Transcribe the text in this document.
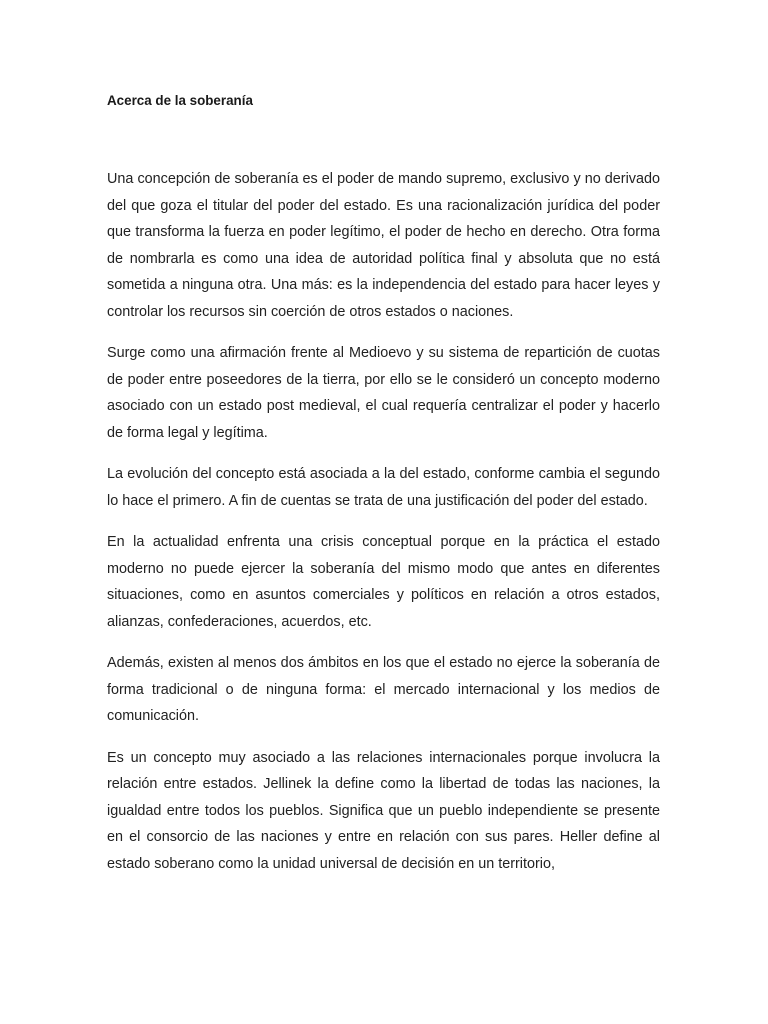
Acerca de la soberanía

Una concepción de soberanía es el poder de mando supremo, exclusivo y no derivado del que goza el titular del poder del estado. Es una racionalización jurídica del poder que transforma la fuerza en poder legítimo, el poder de hecho en derecho. Otra forma de nombrarla es como una idea de autoridad política final y absoluta que no está sometida a ninguna otra. Una más: es la independencia del estado para hacer leyes y controlar los recursos sin coerción de otros estados o naciones.

Surge como una afirmación frente al Medioevo y su sistema de repartición de cuotas de poder entre poseedores de la tierra, por ello se le consideró un concepto moderno asociado con un estado post medieval, el cual requería centralizar el poder y hacerlo de forma legal y legítima.

La evolución del concepto está asociada a la del estado, conforme cambia el segundo lo hace el primero. A fin de cuentas se trata de una justificación del poder del estado.

En la actualidad enfrenta una crisis conceptual porque en la práctica el estado moderno no puede ejercer la soberanía del mismo modo que antes en diferentes situaciones, como en asuntos comerciales y políticos en relación a otros estados, alianzas, confederaciones, acuerdos, etc.

Además, existen al menos dos ámbitos en los que el estado no ejerce la soberanía de forma tradicional o de ninguna forma: el mercado internacional y los medios de comunicación.

Es un concepto muy asociado a las relaciones internacionales porque involucra la relación entre estados. Jellinek la define como la libertad de todas las naciones, la igualdad entre todos los pueblos. Significa que un pueblo independiente se presente en el consorcio de las naciones y entre en relación con sus pares. Heller define al estado soberano como la unidad universal de decisión en un territorio,
